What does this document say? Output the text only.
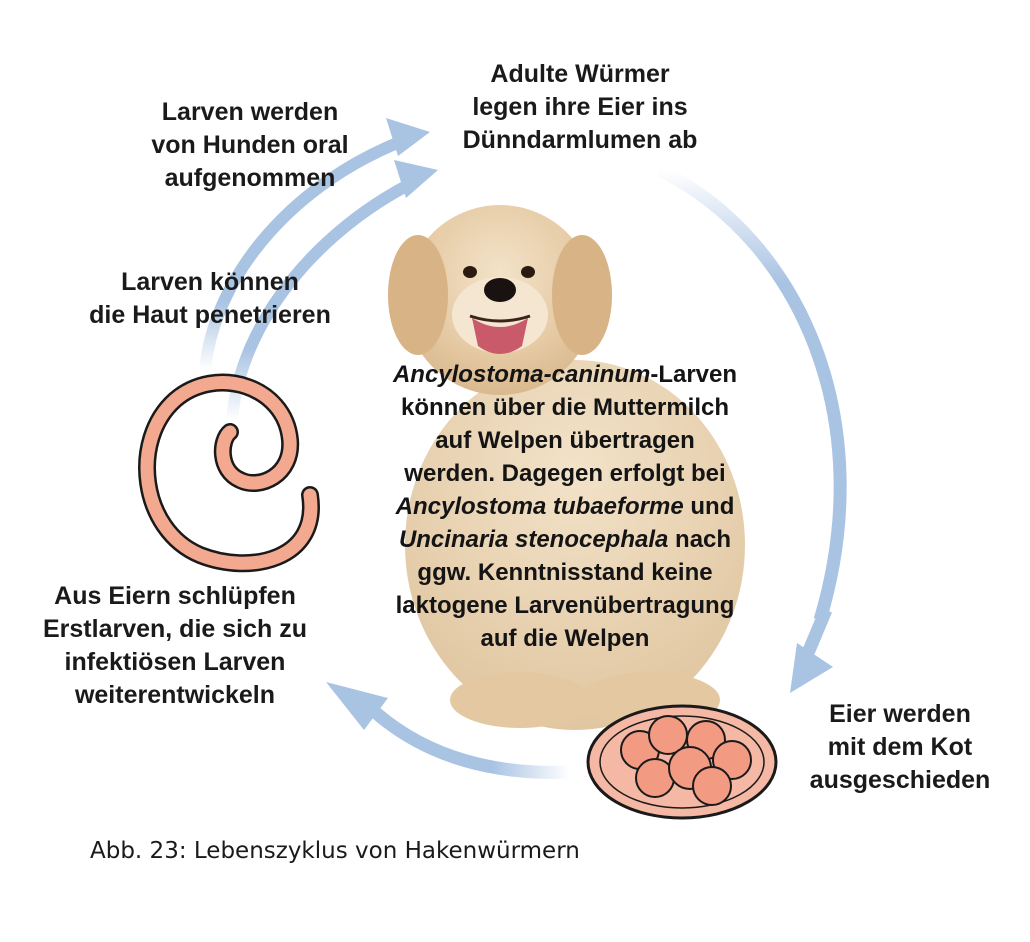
Adulte Würmer
legen ihre Eier ins
Dünndarmlumen ab
Larven werden
von Hunden oral
aufgenommen
Larven können
die Haut penetrieren
Aus Eiern schlüpfen
Erstlarven, die sich zu
infektiösen Larven
weiterentwickeln
Eier werden
mit dem Kot
ausgeschieden
Ancylostoma-caninum-Larven
können über die Muttermilch
auf Welpen übertragen
werden. Dagegen erfolgt bei
Ancylostoma tubaeforme und
Uncinaria stenocephala nach
ggw. Kenntnisstand keine
laktogene Larvenübertragung
auf die Welpen
Abb. 23: Lebenszyklus von Hakenwürmern
